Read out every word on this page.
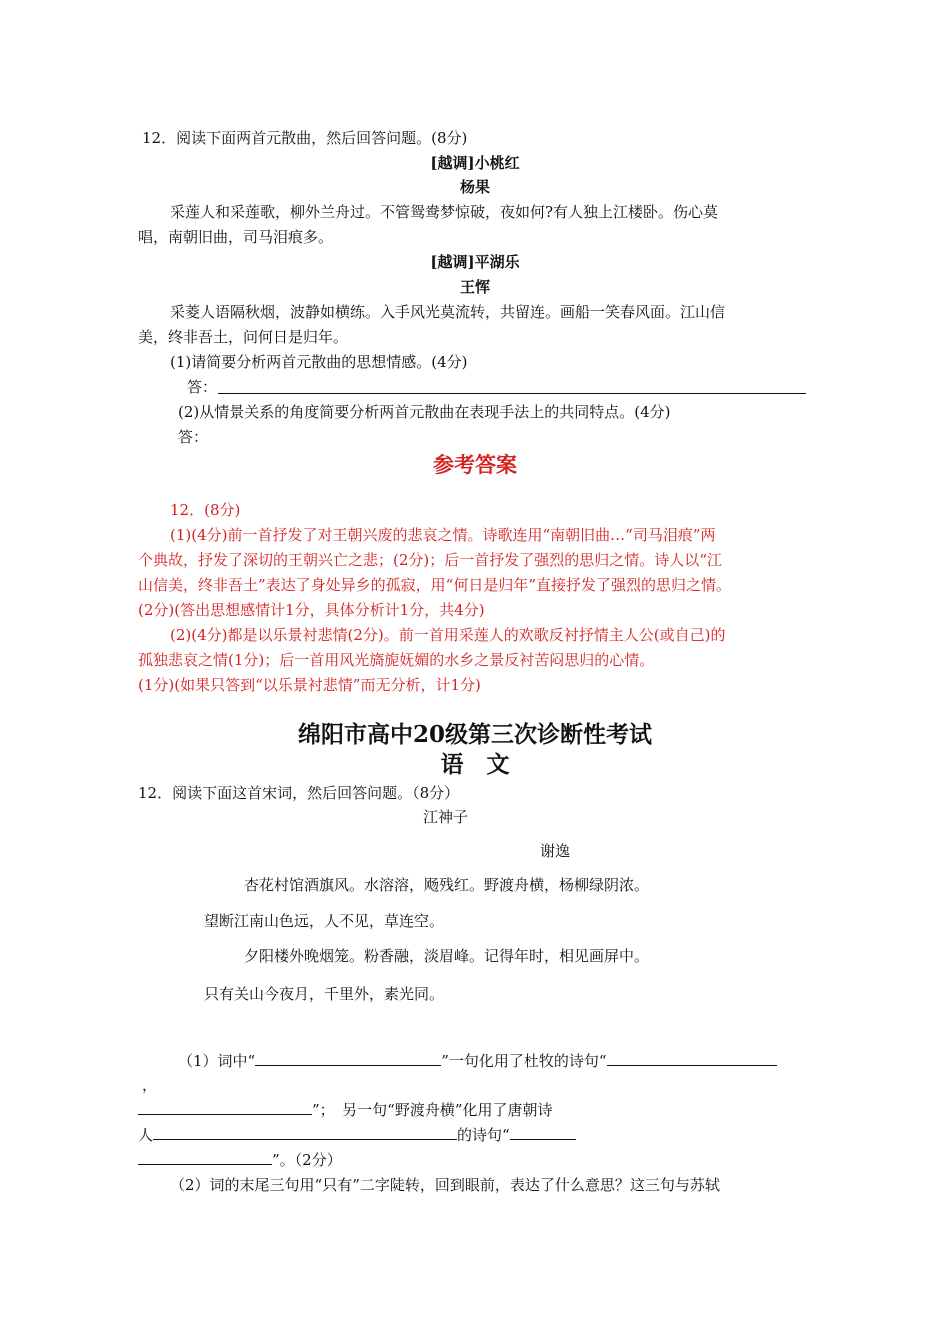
12．阅读下面两首元散曲，然后回答问题。(8分)
[越调]小桃红
杨果
采莲人和采莲歌，柳外兰舟过。不管鸳鸯梦惊破，夜如何?有人独上江楼卧。伤心莫
唱，南朝旧曲，司马泪痕多。
[越调]平湖乐
王恽
采菱人语隔秋烟，波静如横练。入手风光莫流转，共留连。画船一笑春风面。江山信
美，终非吾土，问何日是归年。
(1)请简要分析两首元散曲的思想情感。(4分)
答：
(2)从情景关系的角度简要分析两首元散曲在表现手法上的共同特点。(4分)
答：
参考答案
12．(8分)
(1)(4分)前一首抒发了对王朝兴废的悲哀之情。诗歌连用“南朝旧曲…“司马泪痕”两
个典故，抒发了深切的王朝兴亡之悲；(2分)；后一首抒发了强烈的思归之情。诗人以“江
山信美，终非吾土”表达了身处异乡的孤寂，用“何日是归年”直接抒发了强烈的思归之情。
(2分)(答出思想感情计1分，具体分析计1分，共4分)
(2)(4分)都是以乐景衬悲情(2分)。前一首用采莲人的欢歌反衬抒情主人公(或自己)的
孤独悲哀之情(1分)；后一首用风光旖旎妩媚的水乡之景反衬苦闷思归的心情。
(1分)(如果只答到“以乐景衬悲情”而无分析，计1分)
绵阳市高中20级第三次诊断性考试
语　文
12．阅读下面这首宋词，然后回答问题。（8分）
江神子
谢逸
杏花村馆酒旗风。水溶溶，飏残红。野渡舟横，杨柳绿阴浓。
望断江南山色远，人不见，草连空。
夕阳楼外晚烟笼。粉香融，淡眉峰。记得年时，相见画屏中。
只有关山今夜月，千里外，素光同。
（1）词中“	”一句化用了杜牧的诗句“
，
”；　另一句“野渡舟横”化用了唐朝诗
人	的诗句“
”。（2分）
（2）词的末尾三句用“只有”二字陡转，回到眼前，表达了什么意思？这三句与苏轼
